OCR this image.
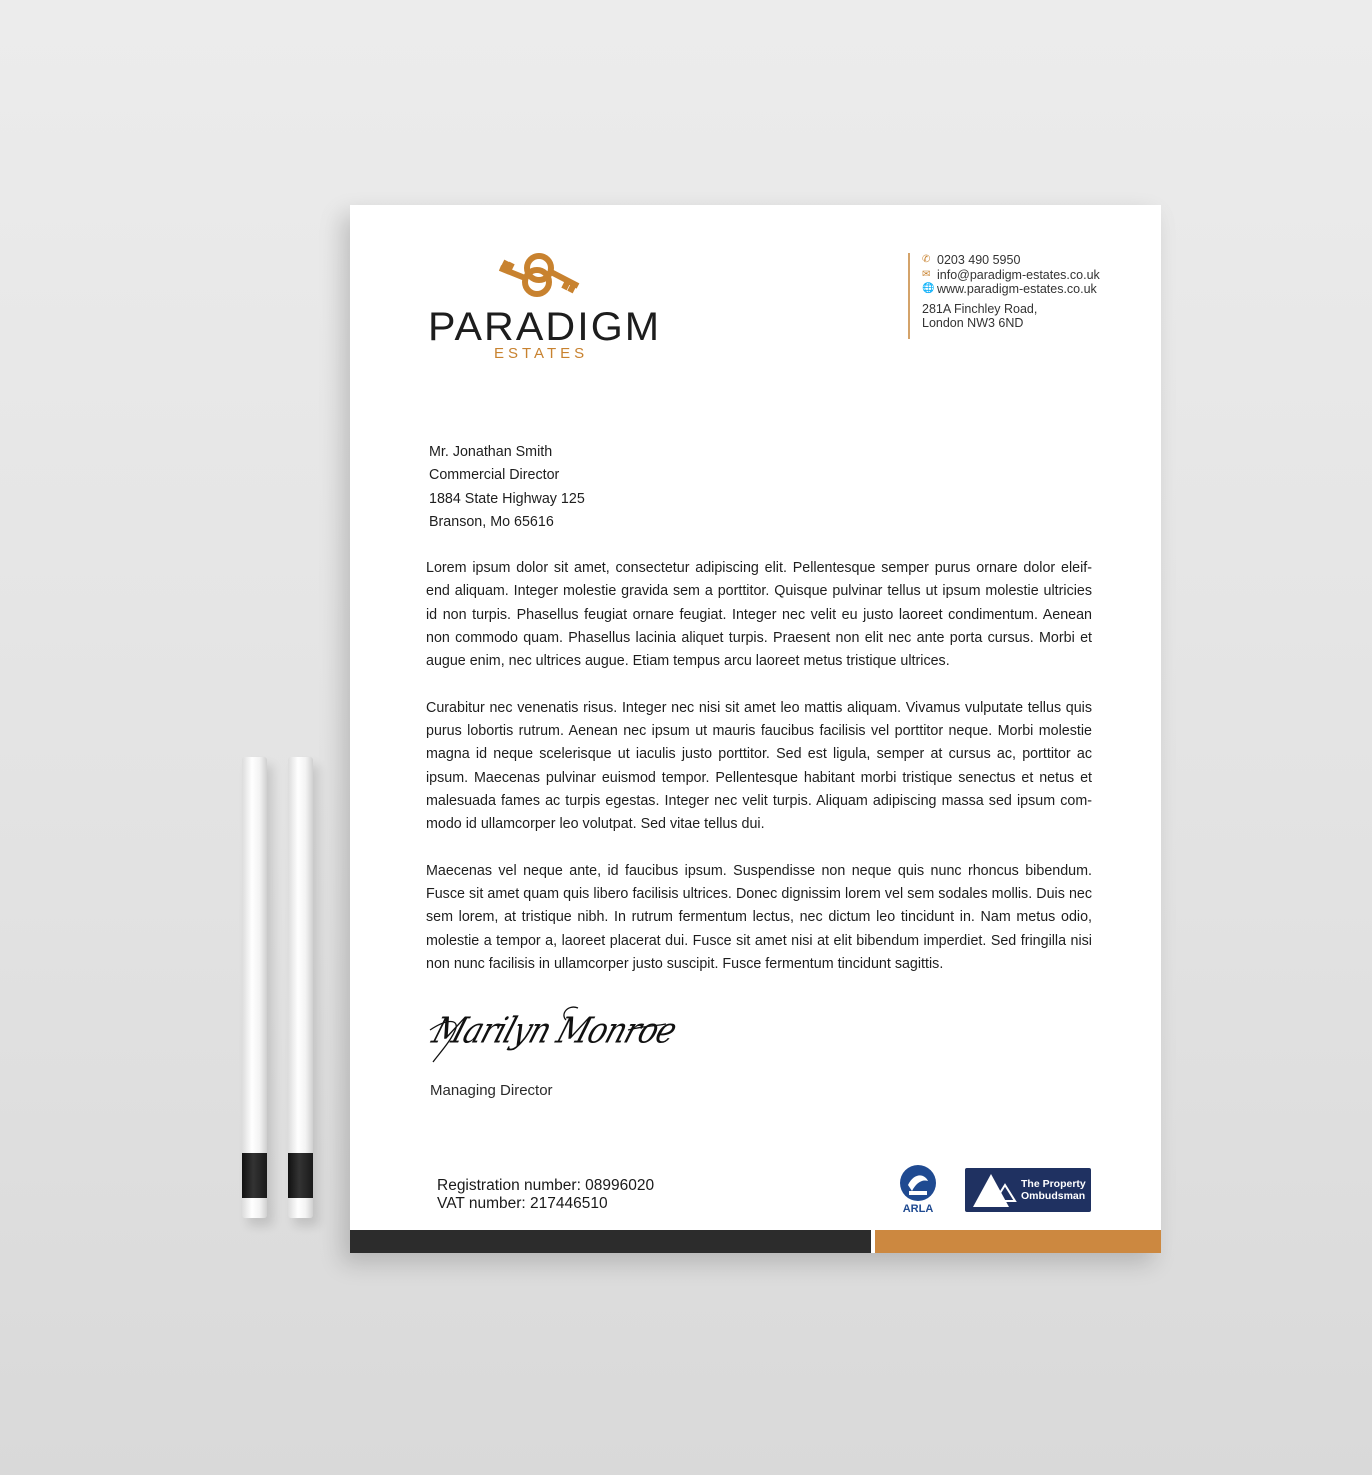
PARADIGM
ESTATES
✆ 0203 490 5950
✉ info@paradigm-estates.co.uk
🌐 www.paradigm-estates.co.uk
281A Finchley Road,
London NW3 6ND
Mr. Jonathan Smith
Commercial Director
1884 State Highway 125
Branson, Mo 65616
Lorem ipsum dolor sit amet, consectetur adipiscing elit. Pellentesque semper purus ornare dolor eleif-
end aliquam. Integer molestie gravida sem a porttitor. Quisque pulvinar tellus ut ipsum molestie ultricies
id non turpis. Phasellus feugiat ornare feugiat. Integer nec velit eu justo laoreet condimentum. Aenean
non commodo quam. Phasellus lacinia aliquet turpis. Praesent non elit nec ante porta cursus. Morbi et
augue enim, nec ultrices augue. Etiam tempus arcu laoreet metus tristique ultrices.
Curabitur nec venenatis risus. Integer nec nisi sit amet leo mattis aliquam. Vivamus vulputate tellus quis
purus lobortis rutrum. Aenean nec ipsum ut mauris faucibus facilisis vel porttitor neque. Morbi molestie
magna id neque scelerisque ut iaculis justo porttitor. Sed est ligula, semper at cursus ac, porttitor ac
ipsum. Maecenas pulvinar euismod tempor. Pellentesque habitant morbi tristique senectus et netus et
malesuada fames ac turpis egestas. Integer nec velit turpis. Aliquam adipiscing massa sed ipsum com-
modo id ullamcorper leo volutpat. Sed vitae tellus dui.
Maecenas vel neque ante, id faucibus ipsum. Suspendisse non neque quis nunc rhoncus bibendum.
Fusce sit amet quam quis libero facilisis ultrices. Donec dignissim lorem vel sem sodales mollis. Duis nec
sem lorem, at tristique nibh. In rutrum fermentum lectus, nec dictum leo tincidunt in. Nam metus odio,
molestie a tempor a, laoreet placerat dui. Fusce sit amet nisi at elit bibendum imperdiet. Sed fringilla nisi
non nunc facilisis in ullamcorper justo suscipit. Fusce fermentum tincidunt sagittis.
Marilyn Monroe
Managing Director
Registration number: 08996020
VAT number: 217446510	ARLA
The Property
Ombudsman
